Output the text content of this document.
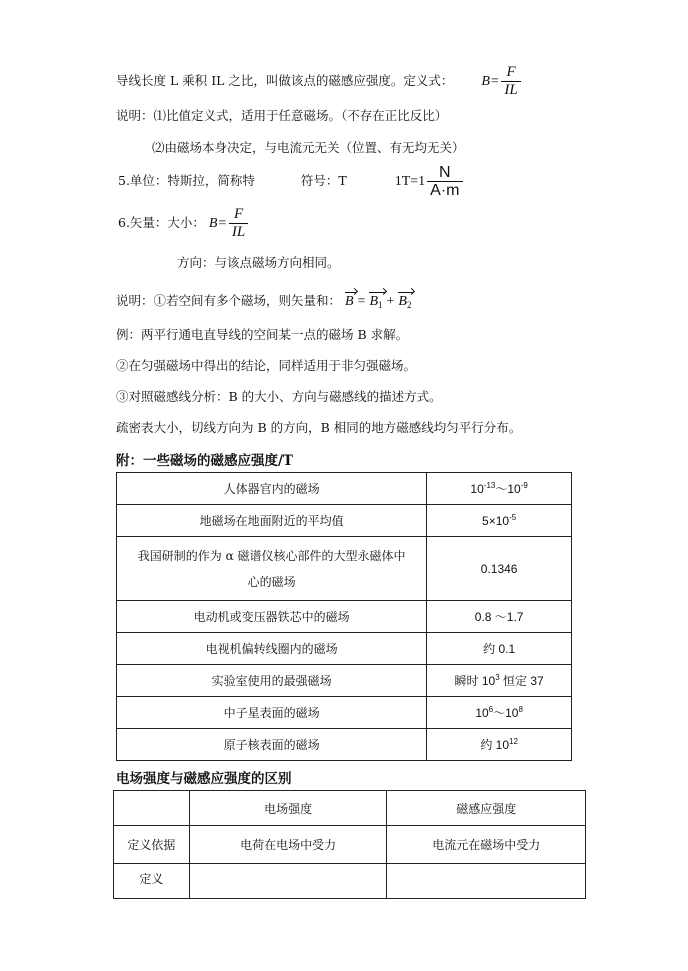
导线长度 L 乘积 IL 之比，叫做该点的磁感应强度。定义式： $B= \frac{F}{IL}$
说明：⑴比值定义式，适用于任意磁场。（不存在正比反比）
⑵由磁场本身决定，与电流元无关（位置、有无均无关）
5.单位：特斯拉，简称特	符号：T	$1T=1 \frac{N}{A\cdot m}$
6.矢量：大小： $B= \frac{F}{IL}$
方向：与该点磁场方向相同。
说明：①若空间有多个磁场，则矢量和： $B = B_1 + B_2$
例：两平行通电直导线的空间某一点的磁场 B 求解。
②在匀强磁场中得出的结论，同样适用于非匀强磁场。
③对照磁感线分析：B 的大小、方向与磁感线的描述方式。
疏密表大小，切线方向为 B 的方向，B 相同的地方磁感线均匀平行分布。
附：一些磁场的磁感应强度/T
人体器官内的磁场	$10^{-13}\sim 10^{-9}$
地磁场在地面附近的平均值	$5\times 10^{-5}$
我国研制的作为 α 磁谱仪核心部件的大型永磁体中心的磁场	0.1346
电动机或变压器铁芯中的磁场	0.8 ～1.7
电视机偏转线圈内的磁场	约 0.1
实验室使用的最强磁场	瞬时 $10^3$ 恒定 37
中子星表面的磁场	$10^6\sim 10^8$
原子核表面的磁场	约 $10^{12}$
电场强度与磁感应强度的区别
	电场强度	磁感应强度
定义依据	电荷在电场中受力	电流元在磁场中受力
定义		
